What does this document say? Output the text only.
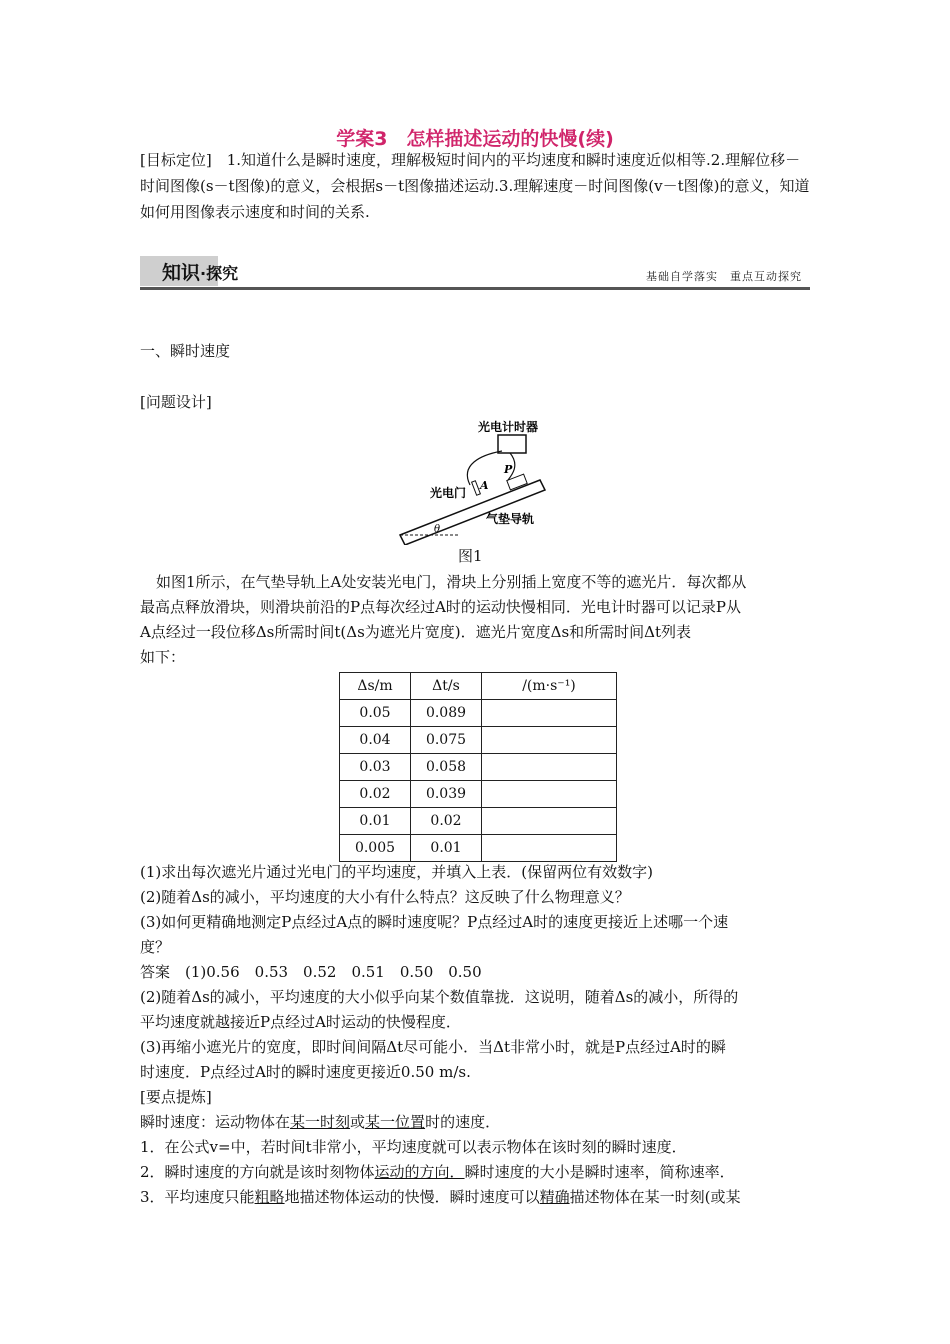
学案3　怎样描述运动的快慢(续)
[目标定位]　1.知道什么是瞬时速度，理解极短时间内的平均速度和瞬时速度近似相等.2.理解位移－时间图像(s－t图像)的意义，会根据s－t图像描述运动.3.理解速度－时间图像(v－t图像)的意义，知道如何用图像表示速度和时间的关系.
知识·探究	基础自学落实　重点互动探究
一、瞬时速度
[问题设计]
光电计时器
P
光电门
A
气垫导轨
θ
图1
如图1所示，在气垫导轨上A处安装光电门，滑块上分别插上宽度不等的遮光片．每次都从
最高点释放滑块，则滑块前沿的P点每次经过A时的运动快慢相同．光电计时器可以记录P从
A点经过一段位移Δs所需时间t(Δs为遮光片宽度)．遮光片宽度Δs和所需时间Δt列表
如下：
Δs/m	Δt/s	/(m·s⁻¹)
0.05	0.089	
0.04	0.075	
0.03	0.058	
0.02	0.039	
0.01	0.02	
0.005	0.01	
(1)求出每次遮光片通过光电门的平均速度，并填入上表．(保留两位有效数字)
(2)随着Δs的减小，平均速度的大小有什么特点？这反映了什么物理意义？
(3)如何更精确地测定P点经过A点的瞬时速度呢？P点经过A时的速度更接近上述哪一个速
度？
答案　(1)0.56　0.53　0.52　0.51　0.50　0.50
(2)随着Δs的减小，平均速度的大小似乎向某个数值靠拢．这说明，随着Δs的减小，所得的
平均速度就越接近P点经过A时运动的快慢程度．
(3)再缩小遮光片的宽度，即时间间隔Δt尽可能小．当Δt非常小时，就是P点经过A时的瞬
时速度．P点经过A时的瞬时速度更接近0.50 m/s.
[要点提炼]
瞬时速度：运动物体在某一时刻或某一位置时的速度．
1．在公式v=中，若时间t非常小，平均速度就可以表示物体在该时刻的瞬时速度．
2．瞬时速度的方向就是该时刻物体运动的方向．瞬时速度的大小是瞬时速率，简称速率．
3．平均速度只能粗略地描述物体运动的快慢．瞬时速度可以精确描述物体在某一时刻(或某
